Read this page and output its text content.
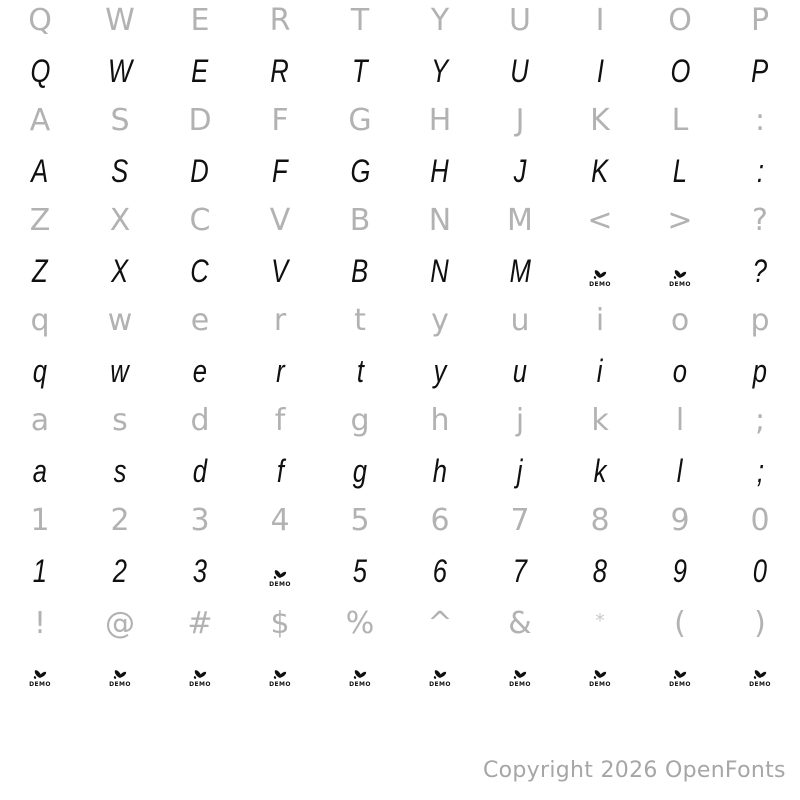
Q W E R T Y U I O P
Q W E R T Y U I O P
A S D F G H J K L :
A S D F G H J K L :
Z X C V B N M < > ?
Z X C V B N M	DEMO	DEMO ?
q w e r t y u i o p
q w e r t y u i o p
a s d f g h j k l ;
a s d f g h j k l ;
1 2 3 4 5 6 7 8 9 0
1 2 3	DEMO 5 6 7 8 9 0
! @ # $ % ^ &	* ( )
DEMO	DEMO	DEMO	DEMO	DEMO	DEMO	DEMO	DEMO	DEMO	DEMO
Copyright 2026 OpenFonts
